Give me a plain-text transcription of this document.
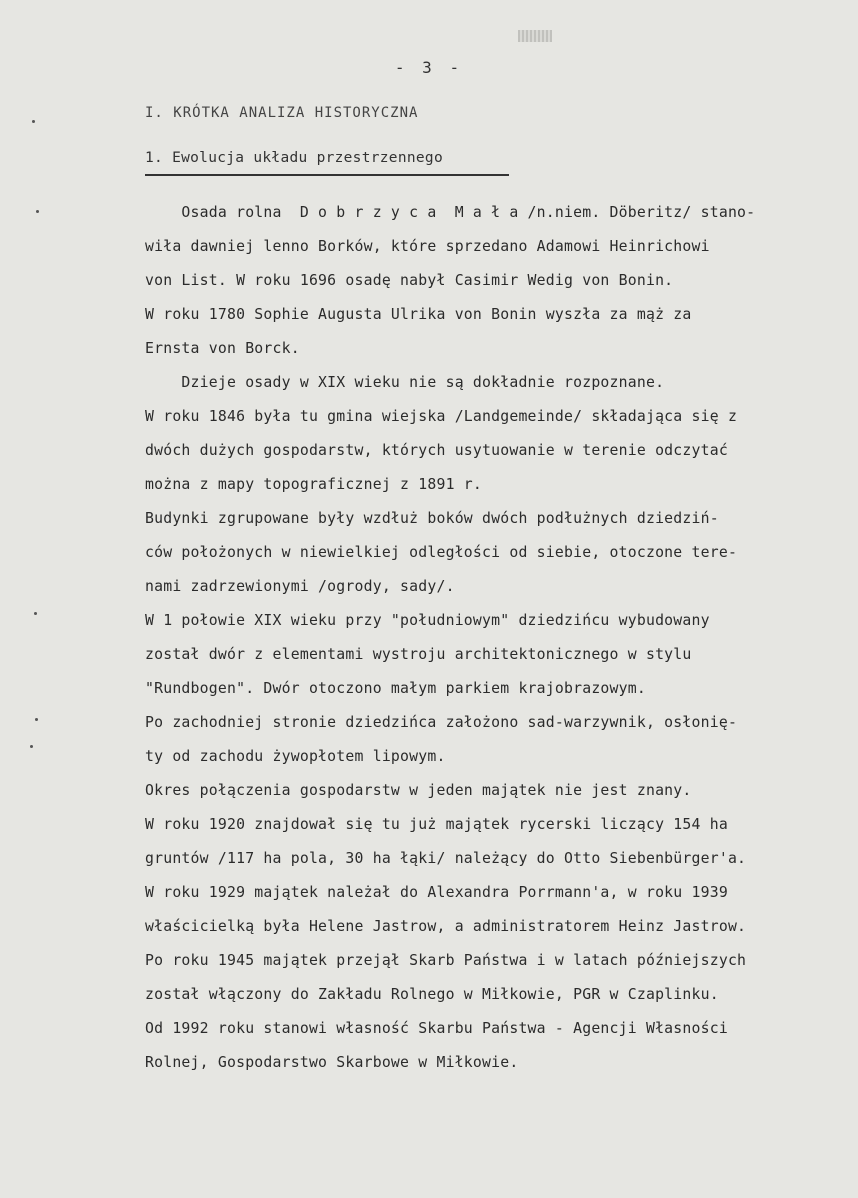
- 3 -
I. KRÓTKA ANALIZA HISTORYCZNA
1. Ewolucja układu przestrzennego
Osada rolna  D o b r z y c a  M a ł a /n.niem. Döberitz/ stano-
wiła dawniej lenno Borków, które sprzedano Adamowi Heinrichowi
von List. W roku 1696 osadę nabył Casimir Wedig von Bonin.
W roku 1780 Sophie Augusta Ulrika von Bonin wyszła za mąż za
Ernsta von Borck.
Dzieje osady w XIX wieku nie są dokładnie rozpoznane.
W roku 1846 była tu gmina wiejska /Landgemeinde/ składająca się z
dwóch dużych gospodarstw, których usytuowanie w terenie odczytać
można z mapy topograficznej z 1891 r.
Budynki zgrupowane były wzdłuż boków dwóch podłużnych dziedziń-
ców położonych w niewielkiej odległości od siebie, otoczone tere-
nami zadrzewionymi /ogrody, sady/.
W 1 połowie XIX wieku przy "południowym" dziedzińcu wybudowany
został dwór z elementami wystroju architektonicznego w stylu
"Rundbogen". Dwór otoczono małym parkiem krajobrazowym.
Po zachodniej stronie dziedzińca założono sad-warzywnik, osłonię-
ty od zachodu żywopłotem lipowym.
Okres połączenia gospodarstw w jeden majątek nie jest znany.
W roku 1920 znajdował się tu już majątek rycerski liczący 154 ha
gruntów /117 ha pola, 30 ha łąki/ należący do Otto Siebenbürger'a.
W roku 1929 majątek należał do Alexandra Porrmann'a, w roku 1939
właścicielką była Helene Jastrow, a administratorem Heinz Jastrow.
Po roku 1945 majątek przejął Skarb Państwa i w latach późniejszych
został włączony do Zakładu Rolnego w Miłkowie, PGR w Czaplinku.
Od 1992 roku stanowi własność Skarbu Państwa - Agencji Własności
Rolnej, Gospodarstwo Skarbowe w Miłkowie.
